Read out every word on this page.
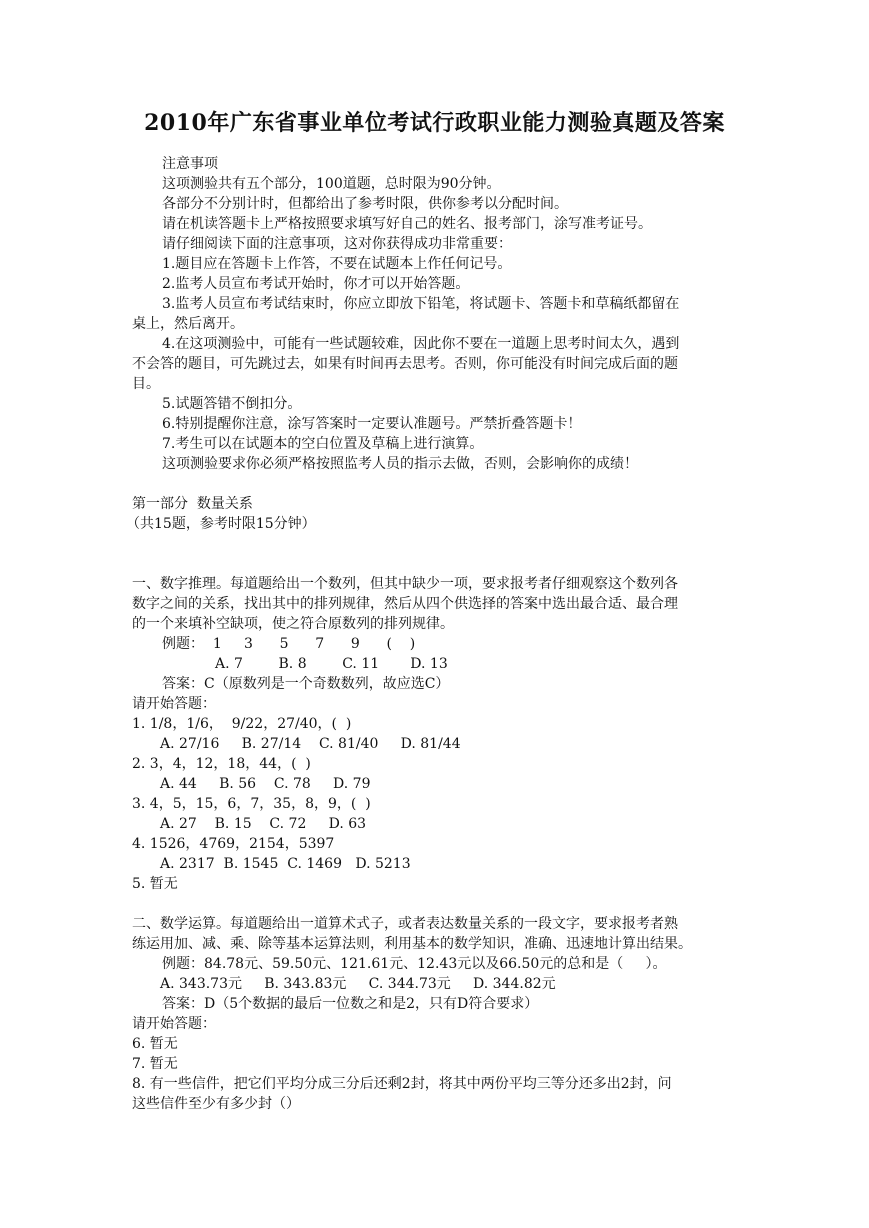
2010年广东省事业单位考试行政职业能力测验真题及答案
注意事项
这项测验共有五个部分，100道题，总时限为90分钟。
各部分不分别计时，但都给出了参考时限，供你参考以分配时间。
请在机读答题卡上严格按照要求填写好自己的姓名、报考部门，涂写准考证号。
请仔细阅读下面的注意事项，这对你获得成功非常重要：
1.题目应在答题卡上作答，不要在试题本上作任何记号。
2.监考人员宣布考试开始时，你才可以开始答题。
3.监考人员宣布考试结束时，你应立即放下铅笔，将试题卡、答题卡和草稿纸都留在
桌上，然后离开。
4.在这项测验中，可能有一些试题较难，因此你不要在一道题上思考时间太久，遇到
不会答的题目，可先跳过去，如果有时间再去思考。否则，你可能没有时间完成后面的题
目。
5.试题答错不倒扣分。
6.特别提醒你注意，涂写答案时一定要认准题号。严禁折叠答题卡！
7.考生可以在试题本的空白位置及草稿上进行演算。
这项测验要求你必须严格按照监考人员的指示去做，否则，会影响你的成绩！
第一部分  数量关系
（共15题，参考时限15分钟）
一、数字推理。每道题给出一个数列，但其中缺少一项，要求报考者仔细观察这个数列各
数字之间的关系，找出其中的排列规律，然后从四个供选择的答案中选出最合适、最合理
的一个来填补空缺项，使之符合原数列的排列规律。
例题：  1     3      5      7      9      (    )
A. 7        B. 8        C. 11       D. 13
答案：C（原数列是一个奇数数列，故应选C）
请开始答题：
1. 1/8，1/6，  9/22，27/40，(  )
A. 27/16     B. 27/14    C. 81/40     D. 81/44
2. 3，4，12，18，44，(  )
A. 44     B. 56    C. 78     D. 79
3. 4，5，15，6，7，35，8，9，(  )
A. 27    B. 15    C. 72     D. 63
4. 1526，4769，2154，5397
A. 2317  B. 1545  C. 1469   D. 5213
5. 暂无
二、数学运算。每道题给出一道算术式子，或者表达数量关系的一段文字，要求报考者熟
练运用加、减、乘、除等基本运算法则，利用基本的数学知识，准确、迅速地计算出结果。
例题：84.78元、59.50元、121.61元、12.43元以及66.50元的总和是（     ）。
A. 343.73元     B. 343.83元     C. 344.73元     D. 344.82元
答案：D（5个数据的最后一位数之和是2，只有D符合要求）
请开始答题：
6. 暂无
7. 暂无
8. 有一些信件，把它们平均分成三分后还剩2封，将其中两份平均三等分还多出2封，问
这些信件至少有多少封（）
